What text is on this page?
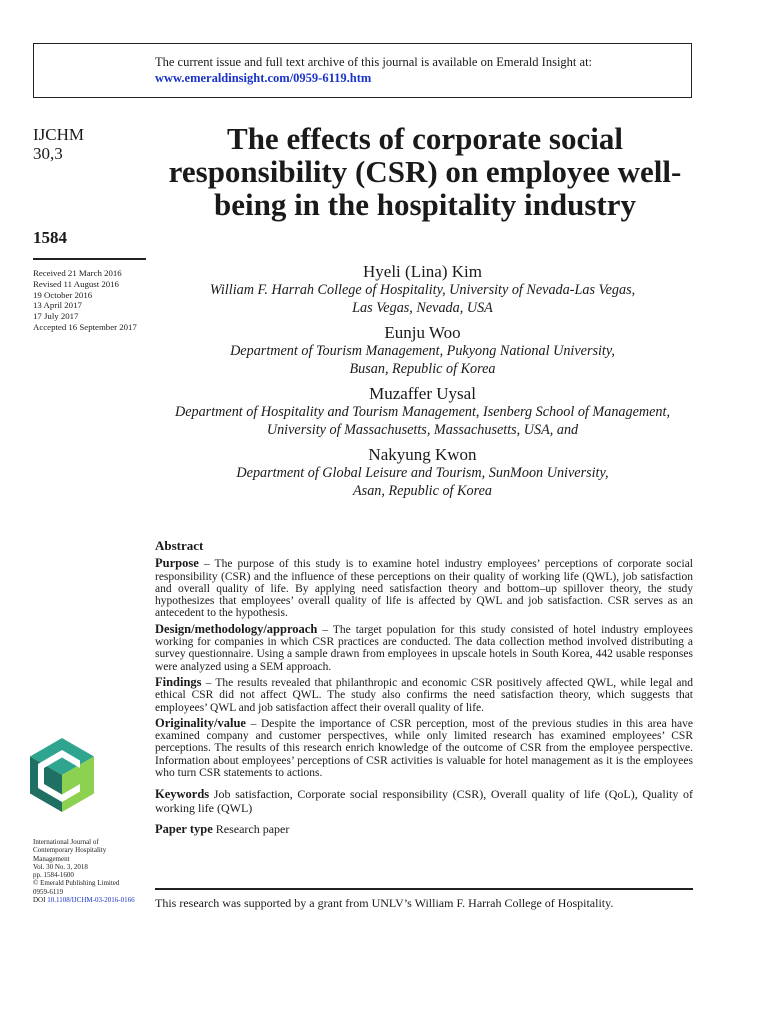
The current issue and full text archive of this journal is available on Emerald Insight at:
www.emeraldinsight.com/0959-6119.htm
IJCHM
30,3
1584
Received 21 March 2016
Revised 11 August 2016
19 October 2016
13 April 2017
17 July 2017
Accepted 16 September 2017
The effects of corporate social responsibility (CSR) on employee well-being in the hospitality industry
Hyeli (Lina) Kim
William F. Harrah College of Hospitality, University of Nevada-Las Vegas,
Las Vegas, Nevada, USA
Eunju Woo
Department of Tourism Management, Pukyong National University,
Busan, Republic of Korea
Muzaffer Uysal
Department of Hospitality and Tourism Management, Isenberg School of Management,
University of Massachusetts, Massachusetts, USA, and
Nakyung Kwon
Department of Global Leisure and Tourism, SunMoon University,
Asan, Republic of Korea
Abstract

Purpose – The purpose of this study is to examine hotel industry employees’ perceptions of corporate social responsibility (CSR) and the influence of these perceptions on their quality of working life (QWL), job satisfaction and overall quality of life. By applying need satisfaction theory and bottom–up spillover theory, the study hypothesizes that employees’ overall quality of life is affected by QWL and job satisfaction. CSR serves as an antecedent to the hypothesis.

Design/methodology/approach – The target population for this study consisted of hotel industry employees working for companies in which CSR practices are conducted. The data collection method involved distributing a survey questionnaire. Using a sample drawn from employees in upscale hotels in South Korea, 442 usable responses were analyzed using a SEM approach.

Findings – The results revealed that philanthropic and economic CSR positively affected QWL, while legal and ethical CSR did not affect QWL. The study also confirms the need satisfaction theory, which suggests that employees’ QWL and job satisfaction affect their overall quality of life.

Originality/value – Despite the importance of CSR perception, most of the previous studies in this area have examined company and customer perspectives, while only limited research has examined employees’ CSR perceptions. The results of this research enrich knowledge of the outcome of CSR from the employee perspective. Information about employees’ perceptions of CSR activities is valuable for hotel management as it is the employees who turn CSR statements to actions.

Keywords Job satisfaction, Corporate social responsibility (CSR), Overall quality of life (QoL), Quality of working life (QWL)
Paper type Research paper
This research was supported by a grant from UNLV’s William F. Harrah College of Hospitality.
International Journal of
Contemporary Hospitality
Management
Vol. 30 No. 3, 2018
pp. 1584-1600
© Emerald Publishing Limited
0959-6119
DOI 10.1108/IJCHM-03-2016-0166
